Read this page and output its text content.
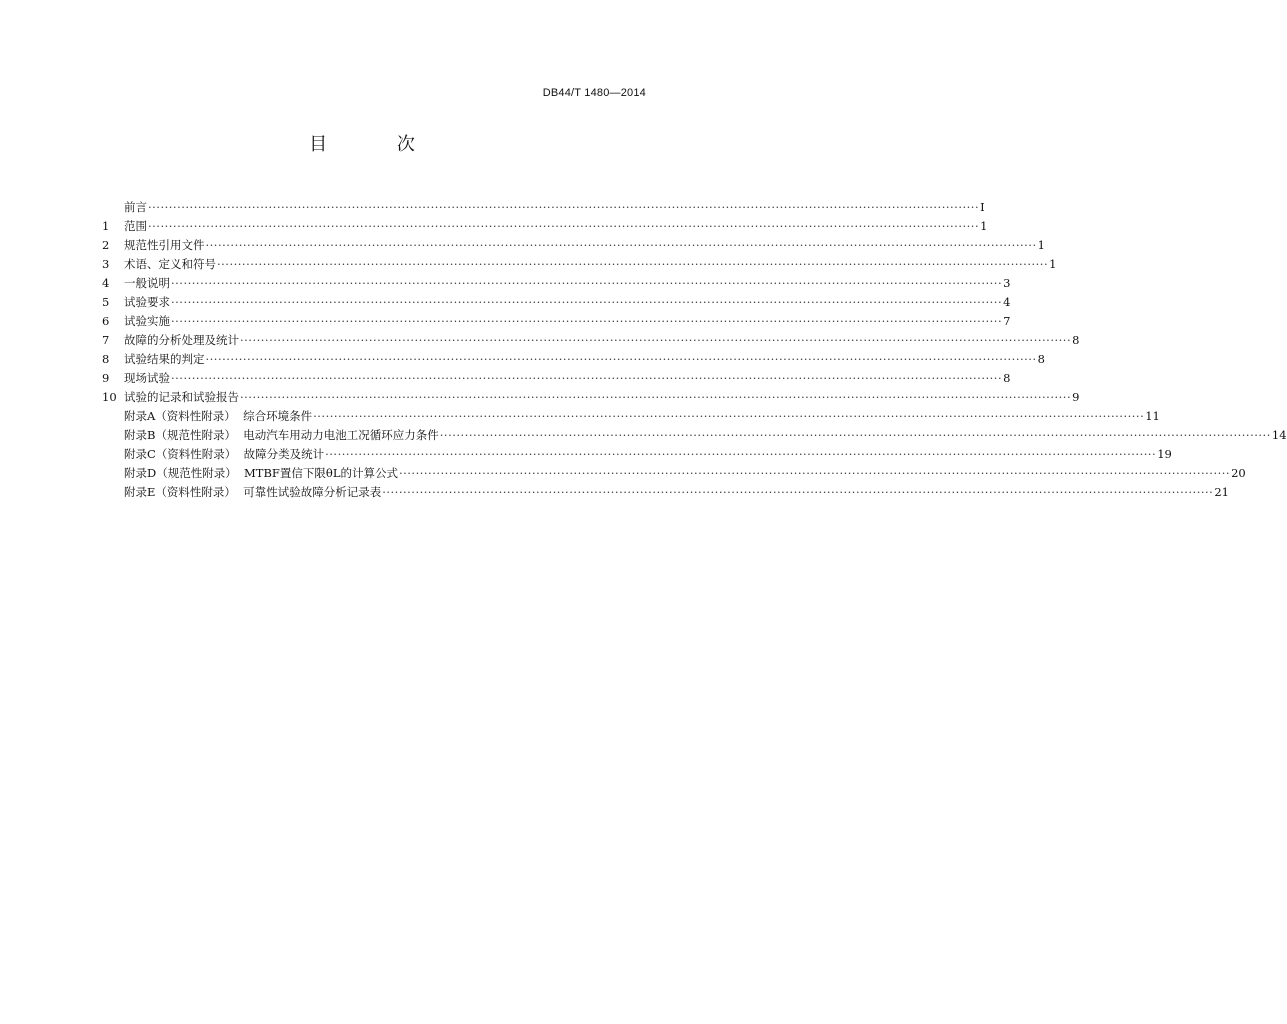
DB44/T 1480—2014
目 次
前言 ········································································································································································································ I
1	范围 ········································································································································································································ 1
2	规范性引用文件 ········································································································································································································ 1
3	术语、定义和符号 ········································································································································································································ 1
4	一般说明 ········································································································································································································ 3
5	试验要求 ········································································································································································································ 4
6	试验实施 ········································································································································································································ 7
7	故障的分析处理及统计 ········································································································································································································ 8
8	试验结果的判定 ········································································································································································································ 8
9	现场试验 ········································································································································································································ 8
10 试验的记录和试验报告 ········································································································································································································ 9
附录A（资料性附录）  综合环境条件 ········································································································································································································ 11
附录B（规范性附录）  电动汽车用动力电池工况循环应力条件 ········································································································································································································ 14
附录C（资料性附录）  故障分类及统计 ········································································································································································································ 19
附录D（规范性附录）  MTBF置信下限θL的计算公式 ········································································································································································································ 20
附录E（资料性附录）  可靠性试验故障分析记录表 ········································································································································································································ 21
